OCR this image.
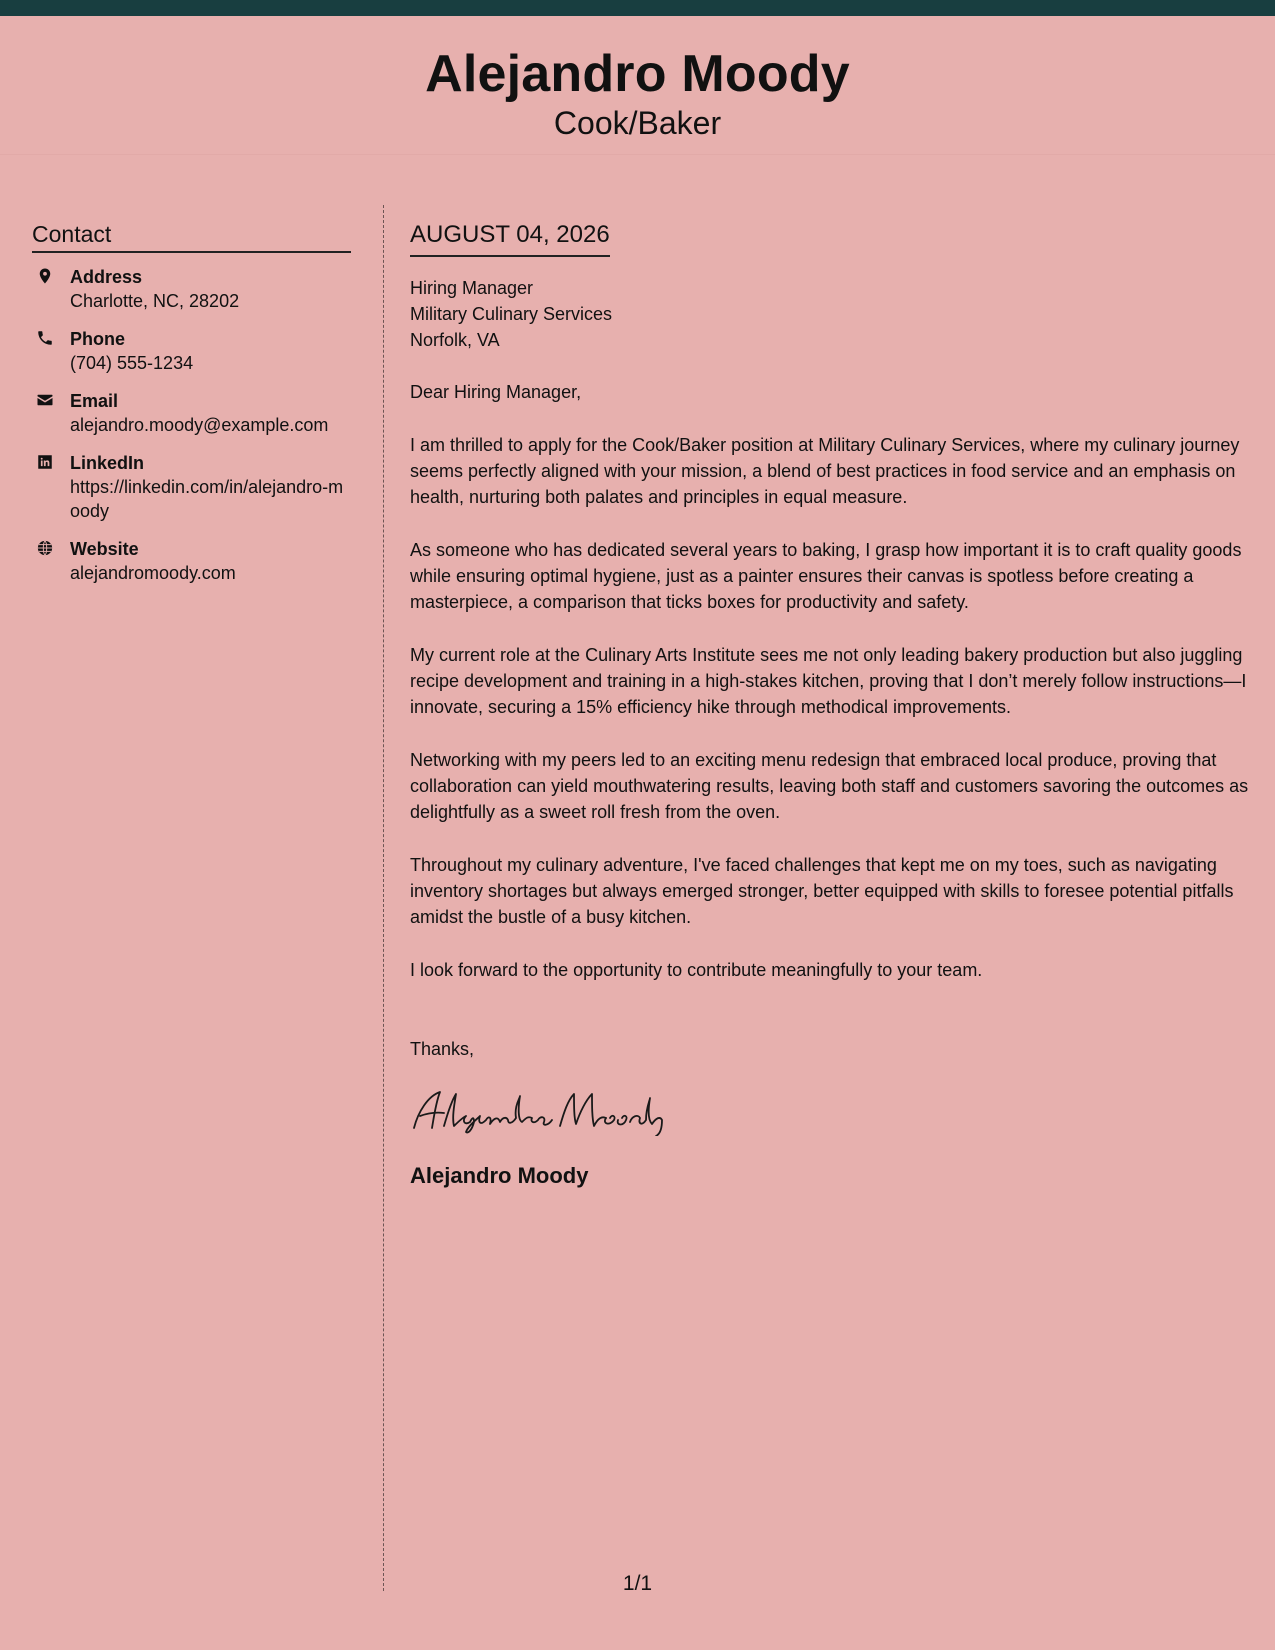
Alejandro Moody

Cook/Baker

Contact
Address
Charlotte, NC, 28202
Phone
(704) 555-1234
Email
alejandro.moody@example.com
LinkedIn
https://linkedin.com/in/alejandro-moody
Website
alejandromoody.com
AUGUST 04, 2026

Hiring Manager

Military Culinary Services

Norfolk, VA

Dear Hiring Manager,

I am thrilled to apply for the Cook/Baker position at Military Culinary Services, where my culinary journey seems perfectly aligned with your mission, a blend of best practices in food service and an emphasis on health, nurturing both palates and principles in equal measure.

As someone who has dedicated several years to baking, I grasp how important it is to craft quality goods while ensuring optimal hygiene, just as a painter ensures their canvas is spotless before creating a masterpiece, a comparison that ticks boxes for productivity and safety.

My current role at the Culinary Arts Institute sees me not only leading bakery production but also juggling recipe development and training in a high-stakes kitchen, proving that I don’t merely follow instructions—I innovate, securing a 15% efficiency hike through methodical improvements.

Networking with my peers led to an exciting menu redesign that embraced local produce, proving that collaboration can yield mouthwatering results, leaving both staff and customers savoring the outcomes as delightfully as a sweet roll fresh from the oven.

Throughout my culinary adventure, I've faced challenges that kept me on my toes, such as navigating inventory shortages but always emerged stronger, better equipped with skills to foresee potential pitfalls amidst the bustle of a busy kitchen.

I look forward to the opportunity to contribute meaningfully to your team.

Thanks,

Alejandro Moody
1/1
